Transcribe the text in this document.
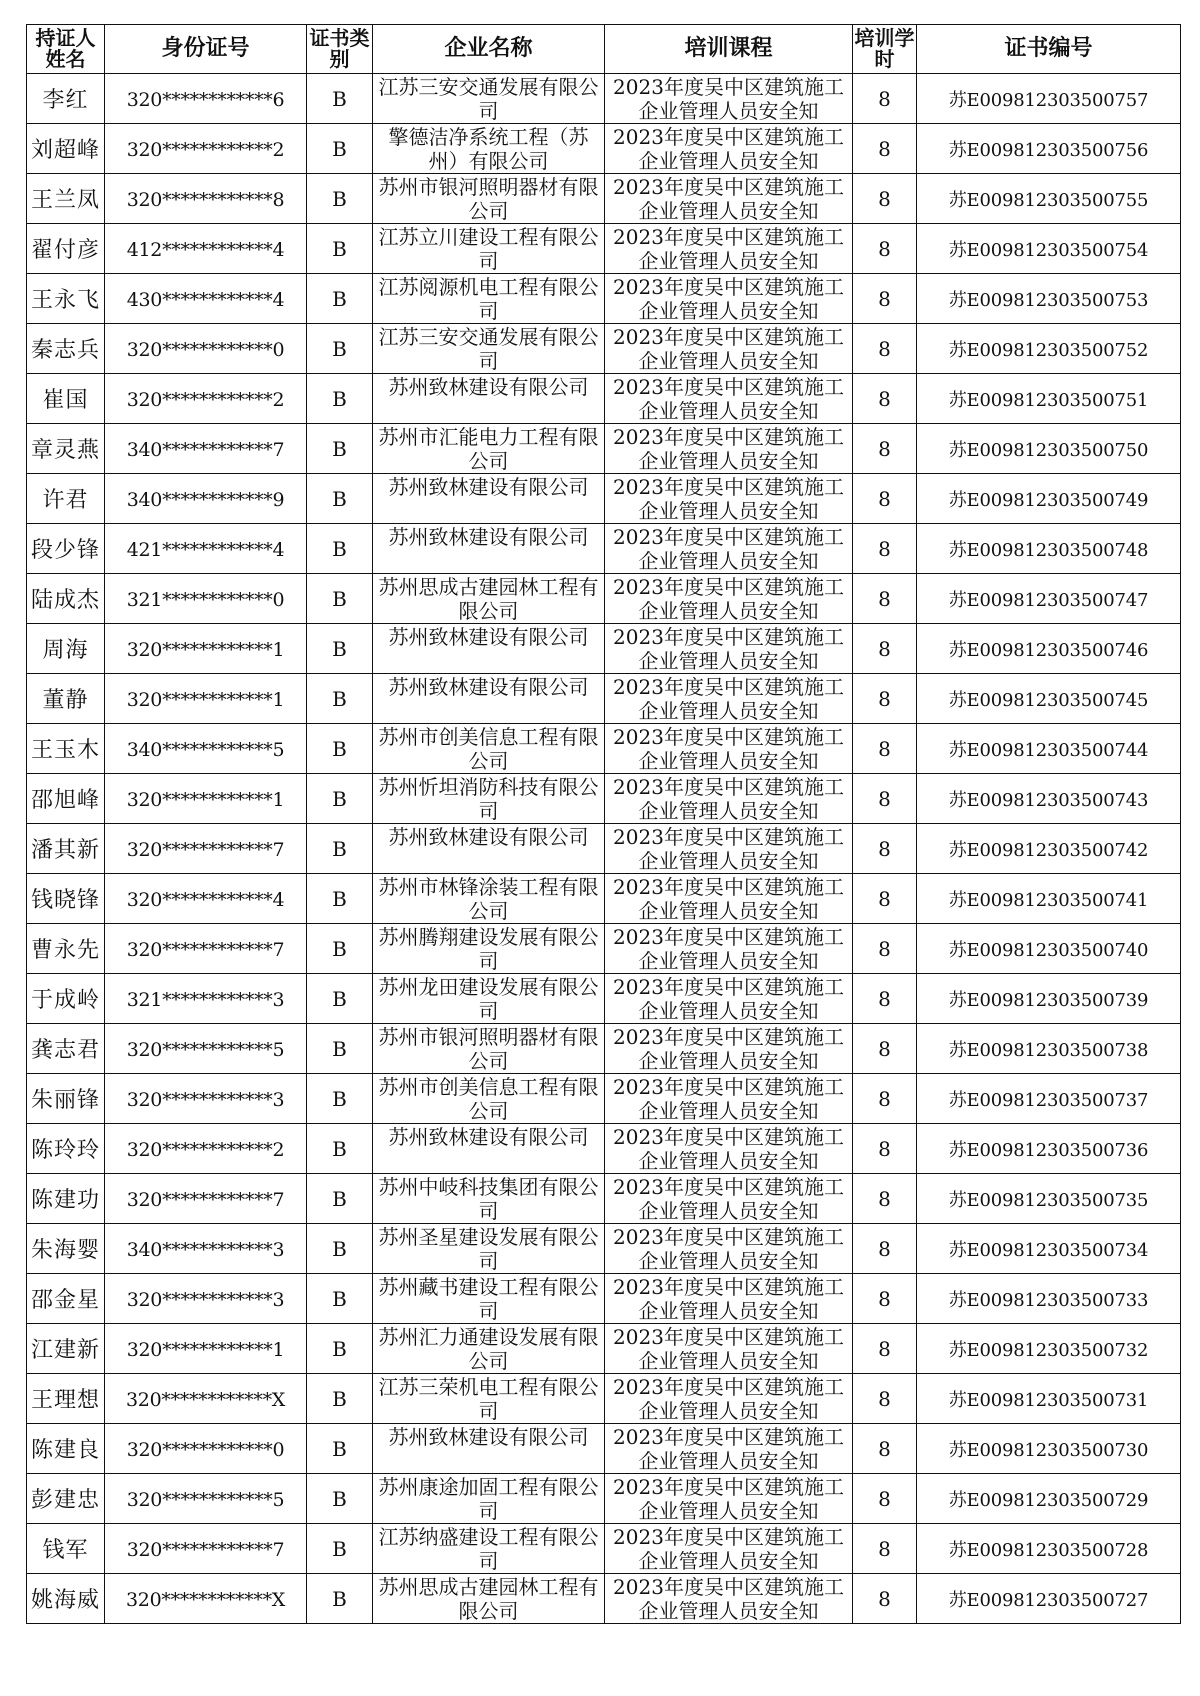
持证人姓名	身份证号	证书类别	企业名称	培训课程	培训学时	证书编号
李红	320************6	B	江苏三安交通发展有限公司	2023年度吴中区建筑施工企业管理人员安全知	8	苏E009812303500757
刘超峰	320************2	B	擎德洁净系统工程（苏州）有限公司	2023年度吴中区建筑施工企业管理人员安全知	8	苏E009812303500756
王兰凤	320************8	B	苏州市银河照明器材有限公司	2023年度吴中区建筑施工企业管理人员安全知	8	苏E009812303500755
翟付彦	412************4	B	江苏立川建设工程有限公司	2023年度吴中区建筑施工企业管理人员安全知	8	苏E009812303500754
王永飞	430************4	B	江苏阅源机电工程有限公司	2023年度吴中区建筑施工企业管理人员安全知	8	苏E009812303500753
秦志兵	320************0	B	江苏三安交通发展有限公司	2023年度吴中区建筑施工企业管理人员安全知	8	苏E009812303500752
崔国	320************2	B	苏州致林建设有限公司	2023年度吴中区建筑施工企业管理人员安全知	8	苏E009812303500751
章灵燕	340************7	B	苏州市汇能电力工程有限公司	2023年度吴中区建筑施工企业管理人员安全知	8	苏E009812303500750
许君	340************9	B	苏州致林建设有限公司	2023年度吴中区建筑施工企业管理人员安全知	8	苏E009812303500749
段少锋	421************4	B	苏州致林建设有限公司	2023年度吴中区建筑施工企业管理人员安全知	8	苏E009812303500748
陆成杰	321************0	B	苏州思成古建园林工程有限公司	2023年度吴中区建筑施工企业管理人员安全知	8	苏E009812303500747
周海	320************1	B	苏州致林建设有限公司	2023年度吴中区建筑施工企业管理人员安全知	8	苏E009812303500746
董静	320************1	B	苏州致林建设有限公司	2023年度吴中区建筑施工企业管理人员安全知	8	苏E009812303500745
王玉木	340************5	B	苏州市创美信息工程有限公司	2023年度吴中区建筑施工企业管理人员安全知	8	苏E009812303500744
邵旭峰	320************1	B	苏州忻坦消防科技有限公司	2023年度吴中区建筑施工企业管理人员安全知	8	苏E009812303500743
潘其新	320************7	B	苏州致林建设有限公司	2023年度吴中区建筑施工企业管理人员安全知	8	苏E009812303500742
钱晓锋	320************4	B	苏州市林锋涂装工程有限公司	2023年度吴中区建筑施工企业管理人员安全知	8	苏E009812303500741
曹永先	320************7	B	苏州腾翔建设发展有限公司	2023年度吴中区建筑施工企业管理人员安全知	8	苏E009812303500740
于成岭	321************3	B	苏州龙田建设发展有限公司	2023年度吴中区建筑施工企业管理人员安全知	8	苏E009812303500739
龚志君	320************5	B	苏州市银河照明器材有限公司	2023年度吴中区建筑施工企业管理人员安全知	8	苏E009812303500738
朱丽锋	320************3	B	苏州市创美信息工程有限公司	2023年度吴中区建筑施工企业管理人员安全知	8	苏E009812303500737
陈玲玲	320************2	B	苏州致林建设有限公司	2023年度吴中区建筑施工企业管理人员安全知	8	苏E009812303500736
陈建功	320************7	B	苏州中岐科技集团有限公司	2023年度吴中区建筑施工企业管理人员安全知	8	苏E009812303500735
朱海婴	340************3	B	苏州圣星建设发展有限公司	2023年度吴中区建筑施工企业管理人员安全知	8	苏E009812303500734
邵金星	320************3	B	苏州藏书建设工程有限公司	2023年度吴中区建筑施工企业管理人员安全知	8	苏E009812303500733
江建新	320************1	B	苏州汇力通建设发展有限公司	2023年度吴中区建筑施工企业管理人员安全知	8	苏E009812303500732
王理想	320************X	B	江苏三荣机电工程有限公司	2023年度吴中区建筑施工企业管理人员安全知	8	苏E009812303500731
陈建良	320************0	B	苏州致林建设有限公司	2023年度吴中区建筑施工企业管理人员安全知	8	苏E009812303500730
彭建忠	320************5	B	苏州康途加固工程有限公司	2023年度吴中区建筑施工企业管理人员安全知	8	苏E009812303500729
钱军	320************7	B	江苏纳盛建设工程有限公司	2023年度吴中区建筑施工企业管理人员安全知	8	苏E009812303500728
姚海威	320************X	B	苏州思成古建园林工程有限公司	2023年度吴中区建筑施工企业管理人员安全知	8	苏E009812303500727
